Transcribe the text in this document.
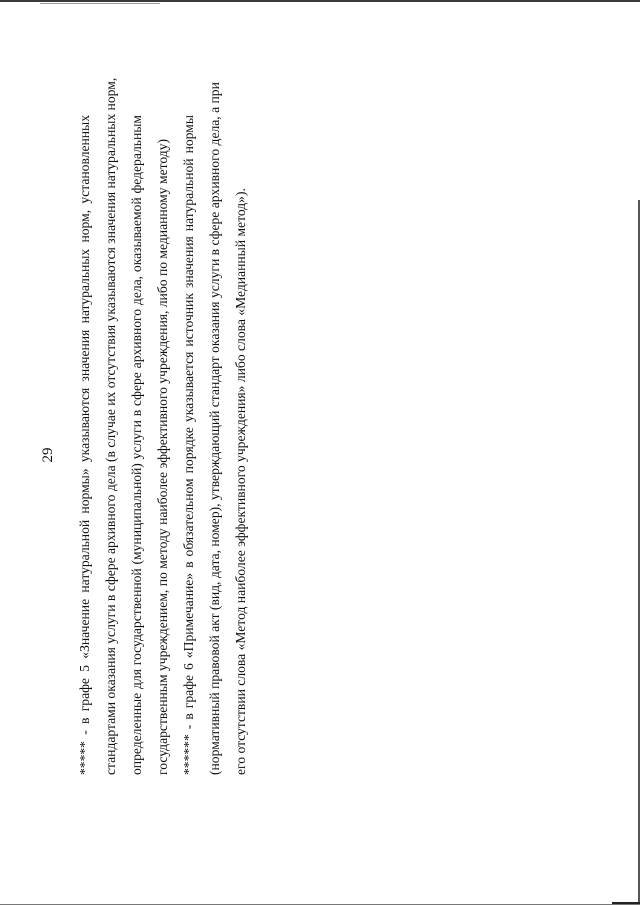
29	***** - в графе 5 «Значение натуральной нормы» указываются значения натуральных норм, установленных стандартами оказания услуги в сфере архивного дела (в случае их отсутствия указываются значения натуральных норм, определенные для государственной (муниципальной) услуги в сфере архивного дела, оказываемой федеральным государственным учреждением, по методу наиболее эффективного учреждения, либо по медианному методу) ****** - в графе 6 «Примечание» в обязательном порядке указывается источник значения натуральной нормы (нормативный правовой акт (вид, дата, номер), утверждающий стандарт оказания услуги в сфере архивного дела, а при его отсутствии слова «Метод наиболее эффективного учреждения» либо слова «Медианный метод»).
